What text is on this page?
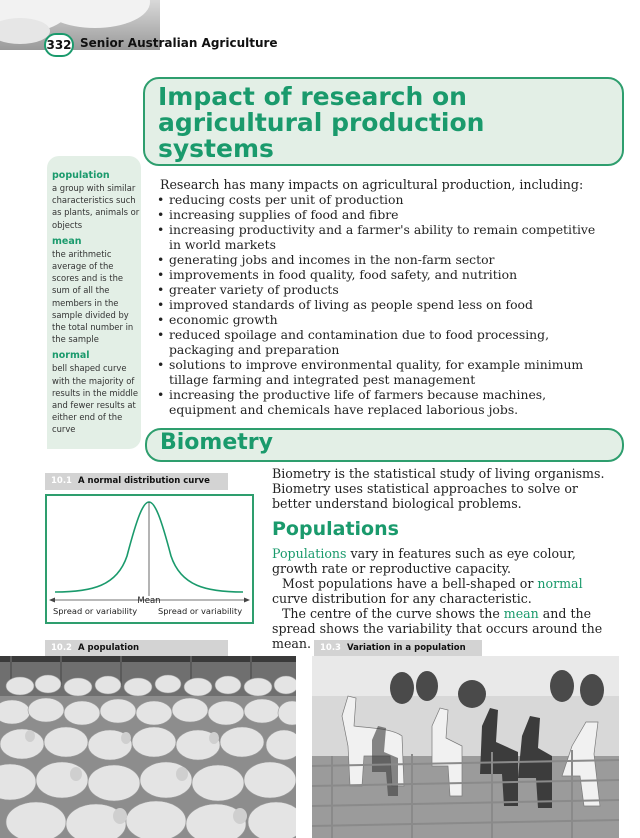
332 Senior Australian Agriculture
Impact of research on agricultural production systems

population

a group with similar characteristics such as plants, animals or objects

mean

the arithmetic average of the scores and is the sum of all the members in the sample divided by the total number in the sample

normal

bell shaped curve with the majority of results in the middle and fewer results at either end of the curve

Research has many impacts on agricultural production, including:
• reducing costs per unit of production
• increasing supplies of food and fibre
• increasing productivity and a farmer's ability to remain competitive in world markets
• generating jobs and incomes in the non-farm sector
• improvements in food quality, food safety, and nutrition
• greater variety of products
• improved standards of living as people spend less on food
• economic growth
• reduced spoilage and contamination due to food processing, packaging and preparation
• solutions to improve environmental quality, for example minimum tillage farming and integrated pest management
• increasing the productive life of farmers because machines, equipment and chemicals have replaced laborious jobs.
Biometry
Biometry is the statistical study of living organisms. Biometry uses statistical approaches to solve or better understand biological problems.
Populations
Populations vary in features such as eye colour, growth rate or reproductive capacity.
Most populations have a bell-shaped or normal curve distribution for any characteristic.
The centre of the curve shows the mean and the spread shows the variability that occurs around the mean.
10.1 A normal distribution curve
Mean
Spread or variability	Spread or variability
10.2 A population	10.3 Variation in a population
